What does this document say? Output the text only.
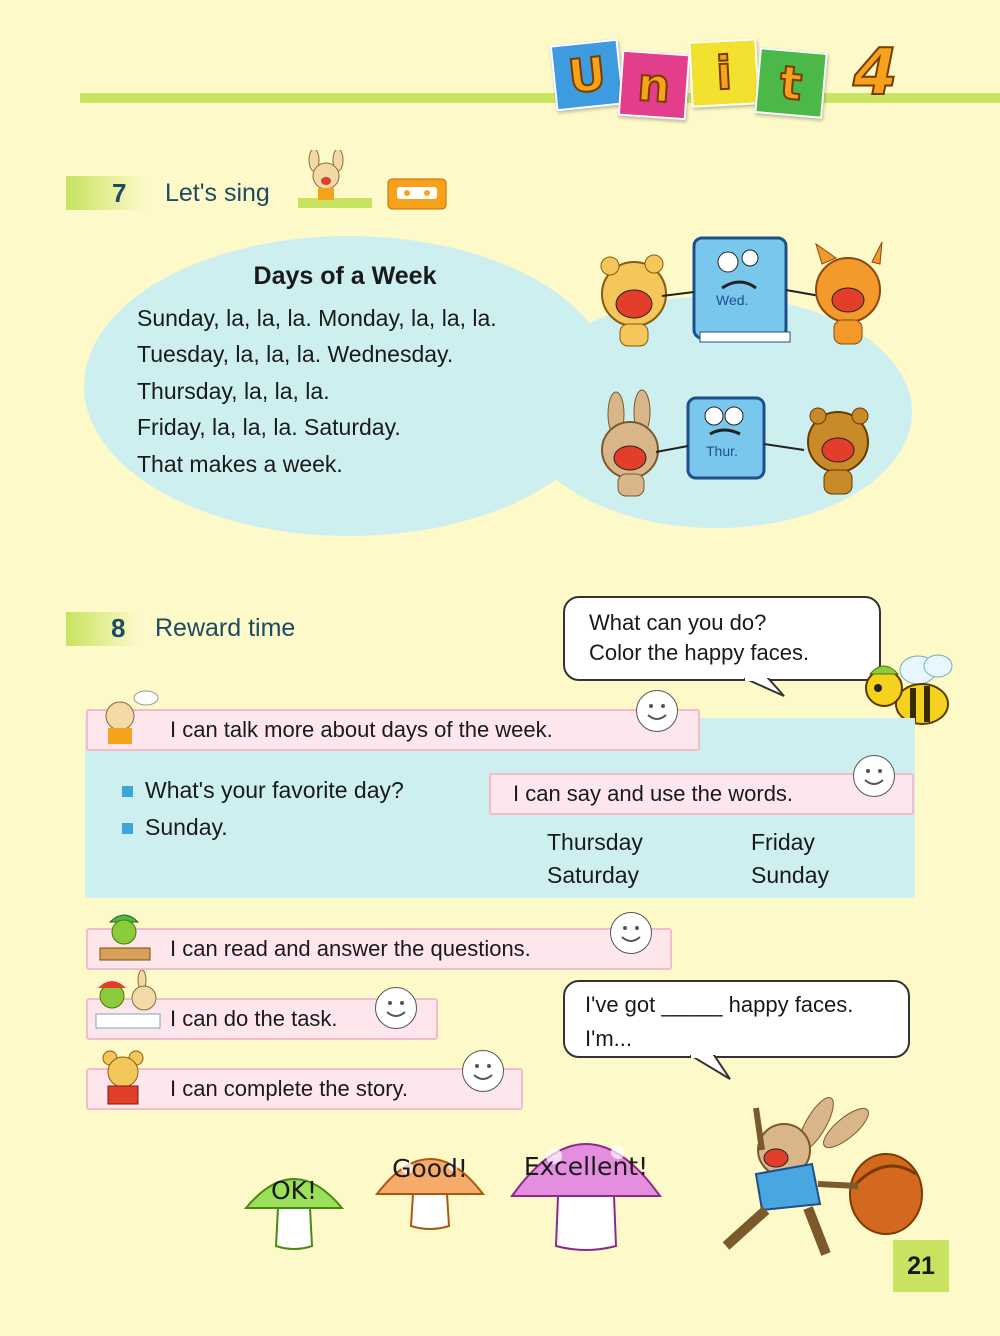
U n i t 4
7 Let's sing
Days of a Week
Sunday, la, la, la. Monday, la, la, la.
Tuesday, la, la, la. Wednesday.
Thursday, la, la, la.
Friday, la, la, la. Saturday.
That makes a week.
Wed.
Thur.
8 Reward time	What can you do?
Color the happy faces.
I can talk more about days of the week.
What's your favorite day?
Sunday.
I can say and use the words.
Thursday	Friday
Saturday	Sunday
I can read and answer the questions.
I can do the task.
I can complete the story.
I've got _____ happy faces.
I'm...
OK!
Good!	Excellent!
21
